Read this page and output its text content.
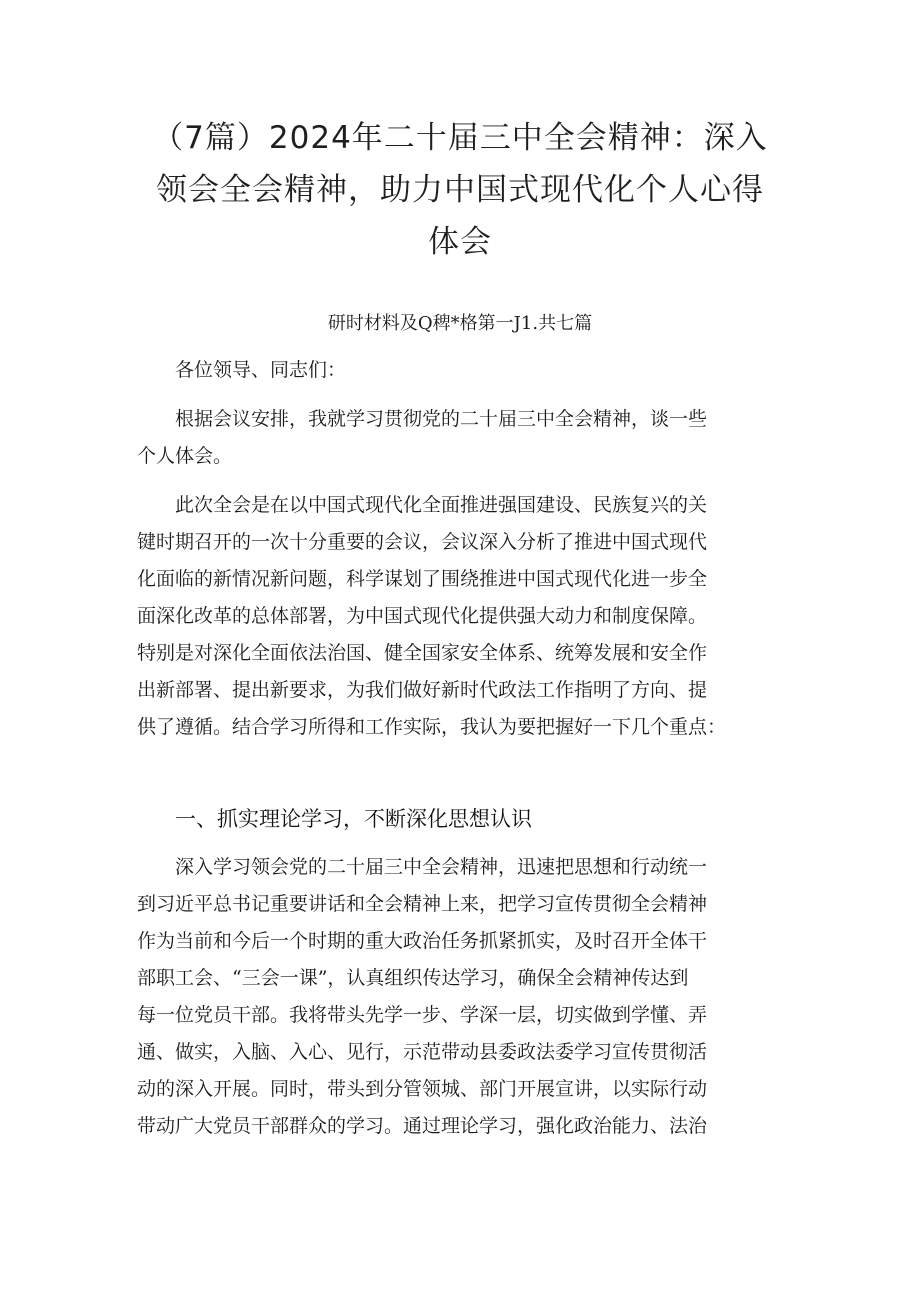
（7篇）2024年二十届三中全会精神：深入
领会全会精神，助力中国式现代化个人心得
体会
研时材料及Q稗*格第一J1.共七篇
各位领导、同志们：
根据会议安排，我就学习贯彻党的二十届三中全会精神，谈一些
个人体会。
此次全会是在以中国式现代化全面推进强国建设、民族复兴的关
键时期召开的一次十分重要的会议，会议深入分析了推进中国式现代
化面临的新情况新问题，科学谋划了围绕推进中国式现代化进一步全
面深化改革的总体部署，为中国式现代化提供强大动力和制度保障。
特别是对深化全面依法治国、健全国家安全体系、统筹发展和安全作
出新部署、提出新要求，为我们做好新时代政法工作指明了方向、提
供了遵循。结合学习所得和工作实际，我认为要把握好一下几个重点：
一、抓实理论学习，不断深化思想认识
深入学习领会党的二十届三中全会精神，迅速把思想和行动统一
到习近平总书记重要讲话和全会精神上来，把学习宣传贯彻全会精神
作为当前和今后一个时期的重大政治任务抓紧抓实，及时召开全体干
部职工会、“三会一课”，认真组织传达学习，确保全会精神传达到
每一位党员干部。我将带头先学一步、学深一层，切实做到学懂、弄
通、做实，入脑、入心、见行，示范带动县委政法委学习宣传贯彻活
动的深入开展。同时，带头到分管领城、部门开展宣讲，以实际行动
带动广大党员干部群众的学习。通过理论学习，强化政治能力、法治
